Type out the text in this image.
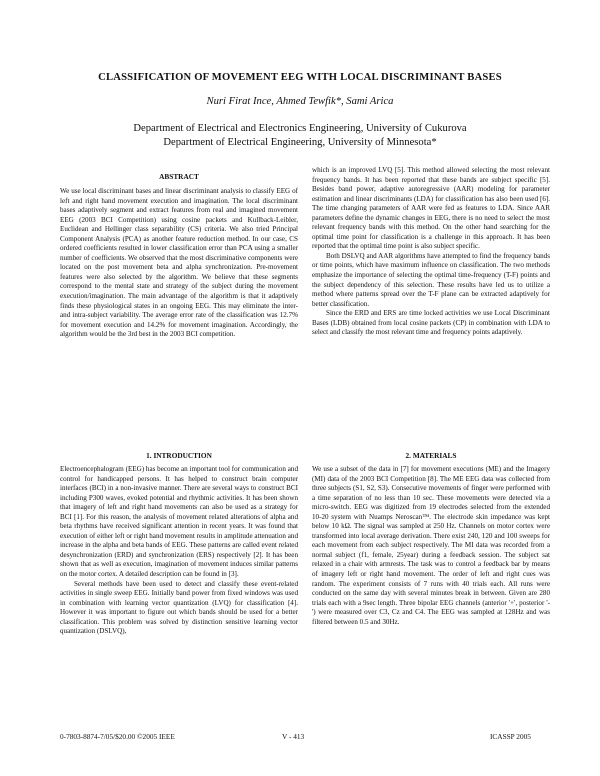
CLASSIFICATION OF MOVEMENT EEG WITH LOCAL DISCRIMINANT BASES
Nuri Firat Ince, Ahmed Tewfik*, Sami Arica
Department of Electrical and Electronics Engineering, University of Cukurova
Department of Electrical Engineering, University of Minnesota*

ABSTRACT

We use local discriminant bases and linear discriminant analysis to classify EEG of left and right hand movement execution and imagination. The local discriminant bases adaptively segment and extract features from real and imagined movement EEG (2003 BCI Competition) using cosine packets and Kullback-Leibler, Euclidean and Hellinger class separability (CS) criteria. We also tried Principal Component Analysis (PCA) as another feature reduction method. In our case, CS ordered coefficients resulted in lower classification error than PCA using a smaller number of coefficients. We observed that the most discriminative components were located on the post movement beta and alpha synchronization. Pre-movement features were also selected by the algorithm. We believe that these segments correspond to the mental state and strategy of the subject during the movement execution/imagination. The main advantage of the algorithm is that it adaptively finds these physiological states in an ongoing EEG. This may eliminate the inter- and intra-subject variability. The average error rate of the classification was 12.7% for movement execution and 14.2% for movement imagination. Accordingly, the algorithm would be the 3rd best in the 2003 BCI competition.

1. INTRODUCTION

Electroencephalogram (EEG) has become an important tool for communication and control for handicapped persons. It has helped to construct brain computer interfaces (BCI) in a non-invasive manner. There are several ways to construct BCI including P300 waves, evoked potential and rhythmic activities. It has been shown that imagery of left and right hand movements can also be used as a strategy for BCI [1]. For this reason, the analysis of movement related alterations of alpha and beta rhythms have received significant attention in recent years. It was found that execution of either left or right hand movement results in amplitude attenuation and increase in the alpha and beta bands of EEG. These patterns are called event related desynchronization (ERD) and synchronization (ERS) respectively [2]. It has been shown that as well as execution, imagination of movement induces similar patterns on the motor cortex. A detailed description can be found in [3].

Several methods have been used to detect and classify these event-related activities in single sweep EEG. Initially band power from fixed windows was used in combination with learning vector quantization (LVQ) for classification [4]. However it was important to figure out which bands should be used for a better classification. This problem was solved by distinction sensitive learning vector quantization (DSLVQ),

which is an improved LVQ [5]. This method allowed selecting the most relevant frequency bands. It has been reported that these bands are subject specific [5]. Besides band power, adaptive autoregressive (AAR) modeling for parameter estimation and linear discriminants (LDA) for classification has also been used [6]. The time changing parameters of AAR were fed as features to LDA. Since AAR parameters define the dynamic changes in EEG, there is no need to select the most relevant frequency bands with this method. On the other hand searching for the optimal time point for classification is a challenge in this approach. It has been reported that the optimal time point is also subject specific.

Both DSLVQ and AAR algorithms have attempted to find the frequency bands or time points, which have maximum influence on classification. The two methods emphasize the importance of selecting the optimal time-frequency (T-F) points and the subject dependency of this selection. These results have led us to utilize a method where patterns spread over the T-F plane can be extracted adaptively for better classification.

Since the ERD and ERS are time locked activities we use Local Discriminant Bases (LDB) obtained from local cosine packets (CP) in combination with LDA to select and classify the most relevant time and frequency points adaptively.

2. MATERIALS

We use a subset of the data in [7] for movement executions (ME) and the Imagery (MI) data of the 2003 BCI Competition [8]. The ME EEG data was collected from three subjects (S1, S2, S3). Consecutive movements of finger were performed with a time separation of no less than 10 sec. These movements were detected via a micro-switch. EEG was digitized from 19 electrodes selected from the extended 10-20 system with Nuamps Neroscan™. The electrode skin impedance was kept below 10 kΩ. The signal was sampled at 250 Hz. Channels on motor cortex were transformed into local average derivation. There exist 240, 120 and 100 sweeps for each movement from each subject respectively. The MI data was recorded from a normal subject (f1, female, 25year) during a feedback session. The subject sat relaxed in a chair with armrests. The task was to control a feedback bar by means of imagery left or right hand movement. The order of left and right cues was random. The experiment consists of 7 runs with 40 trials each. All runs were conducted on the same day with several minutes break in between. Given are 280 trials each with a 9sec length. Three bipolar EEG channels (anterior '+', posterior '-') were measured over C3, Cz and C4. The EEG was sampled at 128Hz and was filtered between 0.5 and 30Hz.

0-7803-8874-7/05/$20.00 ©2005 IEEE	V - 413	ICASSP 2005
